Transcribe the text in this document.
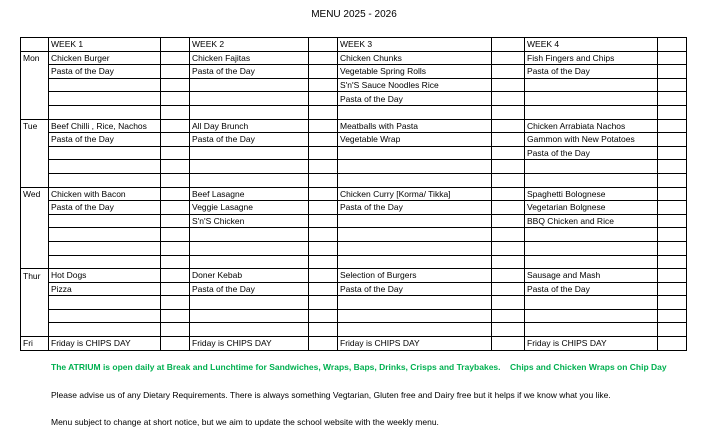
MENU 2025 - 2026
	WEEK 1		WEEK 2		WEEK 3		WEEK 4	
Mon	Chicken Burger		Chicken Fajitas		Chicken Chunks		Fish Fingers and Chips	
	Pasta of the Day		Pasta of the Day		Vegetable Spring Rolls		Pasta of the Day	
					S'n'S Sauce Noodles Rice			
					Pasta of the Day			

Tue	Beef Chilli , Rice, Nachos		All Day Brunch		Meatballs with Pasta		Chicken Arrabiata Nachos	
	Pasta of the Day		Pasta of the Day		Vegetable Wrap		Gammon with New Potatoes	
							Pasta of the Day	

Wed	Chicken with Bacon		Beef Lasagne		Chicken Curry [Korma/ Tikka]		Spaghetti Bolognese	
	Pasta of the Day		Veggie Lasagne		Pasta of the Day		Vegetarian Bolgnese	
			S'n'S Chicken				BBQ Chicken and Rice	

Thur	Hot Dogs		Doner Kebab		Selection of Burgers		Sausage and Mash	
	Pizza		Pasta of the Day		Pasta of the Day		Pasta of the Day	

Fri	Friday is CHIPS DAY		Friday is CHIPS DAY		Friday is CHIPS DAY		Friday is CHIPS DAY	
The ATRIUM is open daily at Break and Lunchtime for Sandwiches, Wraps, Baps, Drinks, Crisps and Traybakes. Chips and Chicken Wraps on Chip Day
Please advise us of any Dietary Requirements. There is always something Vegtarian, Gluten free and Dairy free but it helps if we know what you like.
Menu subject to change at short notice, but we aim to update the school website with the weekly menu.
